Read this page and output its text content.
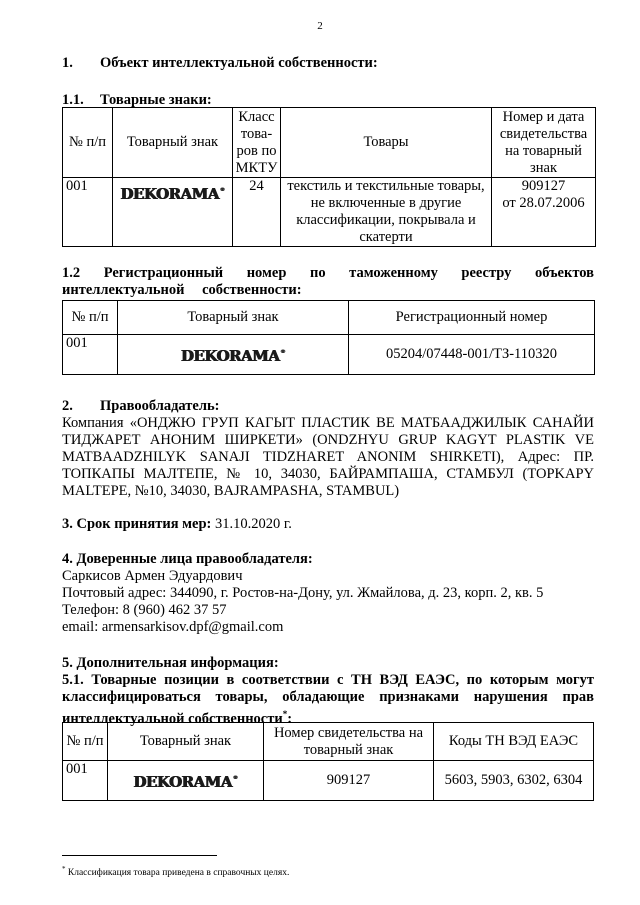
2
1. Объект интеллектуальной собственности:
1.1. Товарные знаки:
№ п/п	Товарный знак	Класс това-ров по МКТУ	Товары	Номер и дата свидетельства на товарный знак
001	DEKORAMA®	24	текстиль и текстильные товары, не включенные в другие классификации, покрывала и скатерти	909127
от 28.07.2006
1.2 Регистрационный номер по таможенному реестру объектов интеллектуальной собственности:
№ п/п	Товарный знак	Регистрационный номер
001	DEKORAMA®	05204/07448-001/ТЗ-110320
2. Правообладатель:
Компания «ОНДЖЮ ГРУП КАГЫТ ПЛАСТИК ВЕ МАТБААДЖИЛЫК САНАЙИ ТИДЖАРЕТ АНОНИМ ШИРКЕТИ» (ONDZHYU GRUP KAGYT PLASTIK VE MATBAADZHILYK SANAJI TIDZHARET ANONIM SHIRKETI), Адрес: ПР. ТОПКАПЫ МАЛТЕПЕ, № 10, 34030, БАЙРАМПАША, СТАМБУЛ (TOPKAPY MALTEPE, №10, 34030, BAJRAMPASHA, STAMBUL)
3. Срок принятия мер: 31.10.2020 г.
4. Доверенные лица правообладателя:
Саркисов Армен Эдуардович
Почтовый адрес: 344090, г. Ростов-на-Дону, ул. Жмайлова, д. 23, корп. 2, кв. 5
Телефон: 8 (960) 462 37 57
email: armensarkisov.dpf@gmail.com
5. Дополнительная информация:
5.1. Товарные позиции в соответствии с ТН ВЭД ЕАЭС, по которым могут классифицироваться товары, обладающие признаками нарушения прав интеллектуальной собственности*:
№ п/п	Товарный знак	Номер свидетельства на товарный знак	Коды ТН ВЭД ЕАЭС
001	DEKORAMA®	909127	5603, 5903, 6302, 6304
* Классификация товара приведена в справочных целях.
